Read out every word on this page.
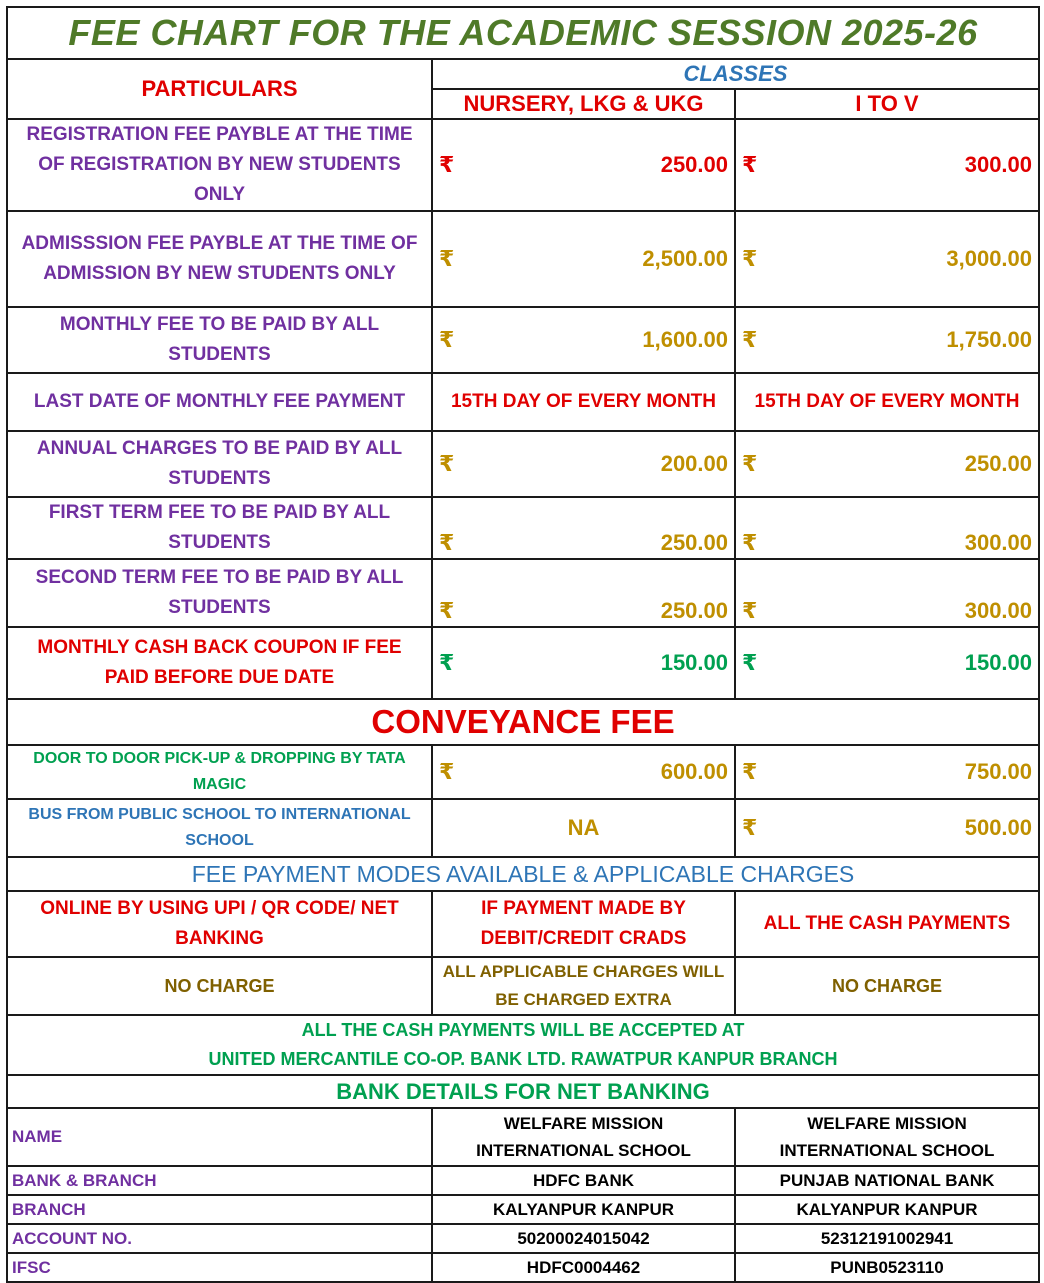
FEE CHART FOR THE ACADEMIC SESSION 2025-26		
PARTICULARS	CLASSES	
	NURSERY, LKG & UKG	I TO V
REGISTRATION FEE PAYBLE AT THE TIME OF REGISTRATION BY NEW STUDENTS ONLY	₹ 250.00	₹ 300.00

ADMISSSION FEE PAYBLE AT THE TIME OF ADMISSION BY NEW STUDENTS ONLY	₹ 2,500.00	₹ 3,000.00

MONTHLY FEE TO BE PAID BY ALL STUDENTS	₹ 1,600.00	₹ 1,750.00

LAST DATE OF MONTHLY FEE PAYMENT	15TH DAY OF EVERY MONTH	15TH DAY OF EVERY MONTH
ANNUAL CHARGES TO BE PAID BY ALL STUDENTS	₹ 200.00	₹ 250.00

FIRST TERM FEE TO BE PAID BY ALL STUDENTS	₹ 250.00	₹ 300.00

SECOND TERM FEE TO BE PAID BY ALL STUDENTS	₹ 250.00	₹ 300.00

MONTHLY CASH BACK COUPON IF FEE PAID BEFORE DUE DATE	₹ 150.00	₹ 150.00

CONVEYANCE FEE		
DOOR TO DOOR PICK-UP & DROPPING BY TATA MAGIC	₹ 600.00	₹ 750.00

BUS FROM PUBLIC SCHOOL TO INTERNATIONAL SCHOOL	NA	₹ 500.00

FEE PAYMENT MODES AVAILABLE & APPLICABLE CHARGES		
ONLINE BY USING UPI / QR CODE/ NET BANKING	IF PAYMENT MADE BY DEBIT/CREDIT CRADS	ALL THE CASH PAYMENTS
NO CHARGE	ALL APPLICABLE CHARGES WILL BE CHARGED EXTRA	NO CHARGE

ALL THE CASH PAYMENTS WILL BE ACCEPTED AT
UNITED MERCANTILE CO-OP. BANK LTD. RAWATPUR KANPUR BRANCH		

BANK DETAILS FOR NET BANKING		
NAME	WELFARE MISSION INTERNATIONAL SCHOOL	WELFARE MISSION INTERNATIONAL SCHOOL
BANK & BRANCH	HDFC BANK	PUNJAB NATIONAL BANK
BRANCH	KALYANPUR KANPUR	KALYANPUR KANPUR
ACCOUNT NO.	50200024015042	52312191002941
IFSC	HDFC0004462	PUNB0523110
